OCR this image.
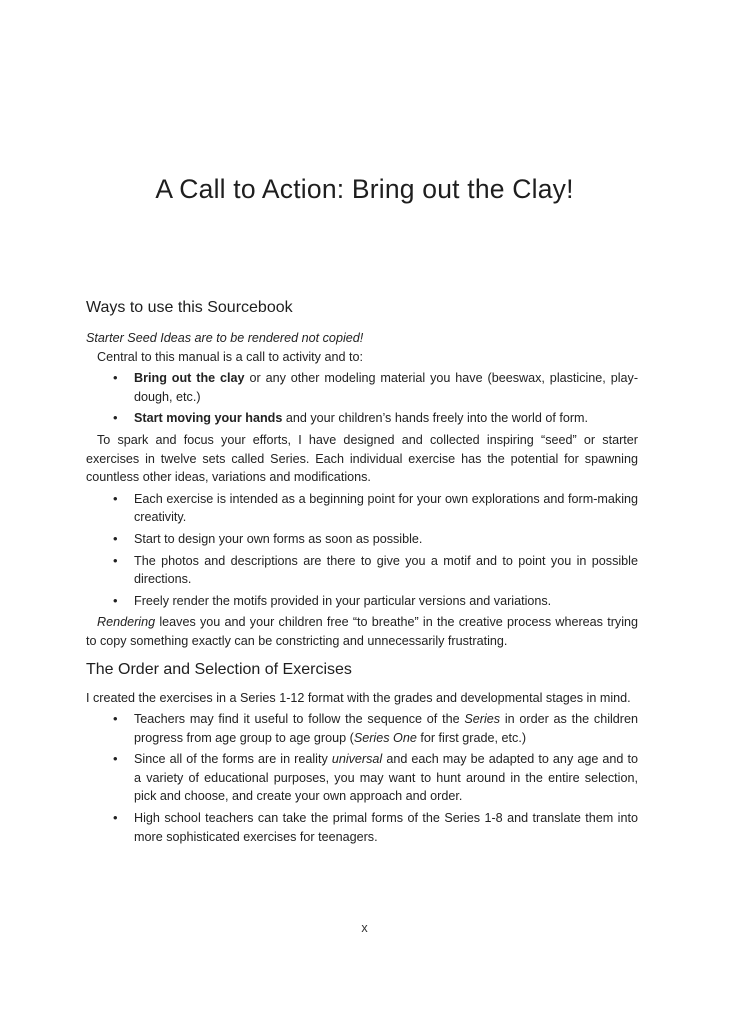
A Call to Action: Bring out the Clay!
Ways to use this Sourcebook

Starter Seed Ideas are to be rendered not copied!

Central to this manual is a call to activity and to:

• Bring out the clay or any other modeling material you have (beeswax, plasticine, play-dough, etc.)
• Start moving your hands and your children’s hands freely into the world of form.

To spark and focus your efforts, I have designed and collected inspiring “seed” or starter exercises in twelve sets called Series. Each individual exercise has the potential for spawning countless other ideas, variations and modifications.

• Each exercise is intended as a beginning point for your own explorations and form-making creativity.
• Start to design your own forms as soon as possible.
• The photos and descriptions are there to give you a motif and to point you in possible directions.
• Freely render the motifs provided in your particular versions and variations.

Rendering leaves you and your children free “to breathe” in the creative process whereas trying to copy something exactly can be constricting and unnecessarily frustrating.

The Order and Selection of Exercises

I created the exercises in a Series 1-12 format with the grades and developmental stages in mind.

• Teachers may find it useful to follow the sequence of the Series in order as the children progress from age group to age group (Series One for first grade, etc.)
• Since all of the forms are in reality universal and each may be adapted to any age and to a variety of educational purposes, you may want to hunt around in the entire selection, pick and choose, and create your own approach and order.
• High school teachers can take the primal forms of the Series 1-8 and translate them into more sophisticated exercises for teenagers.
x
